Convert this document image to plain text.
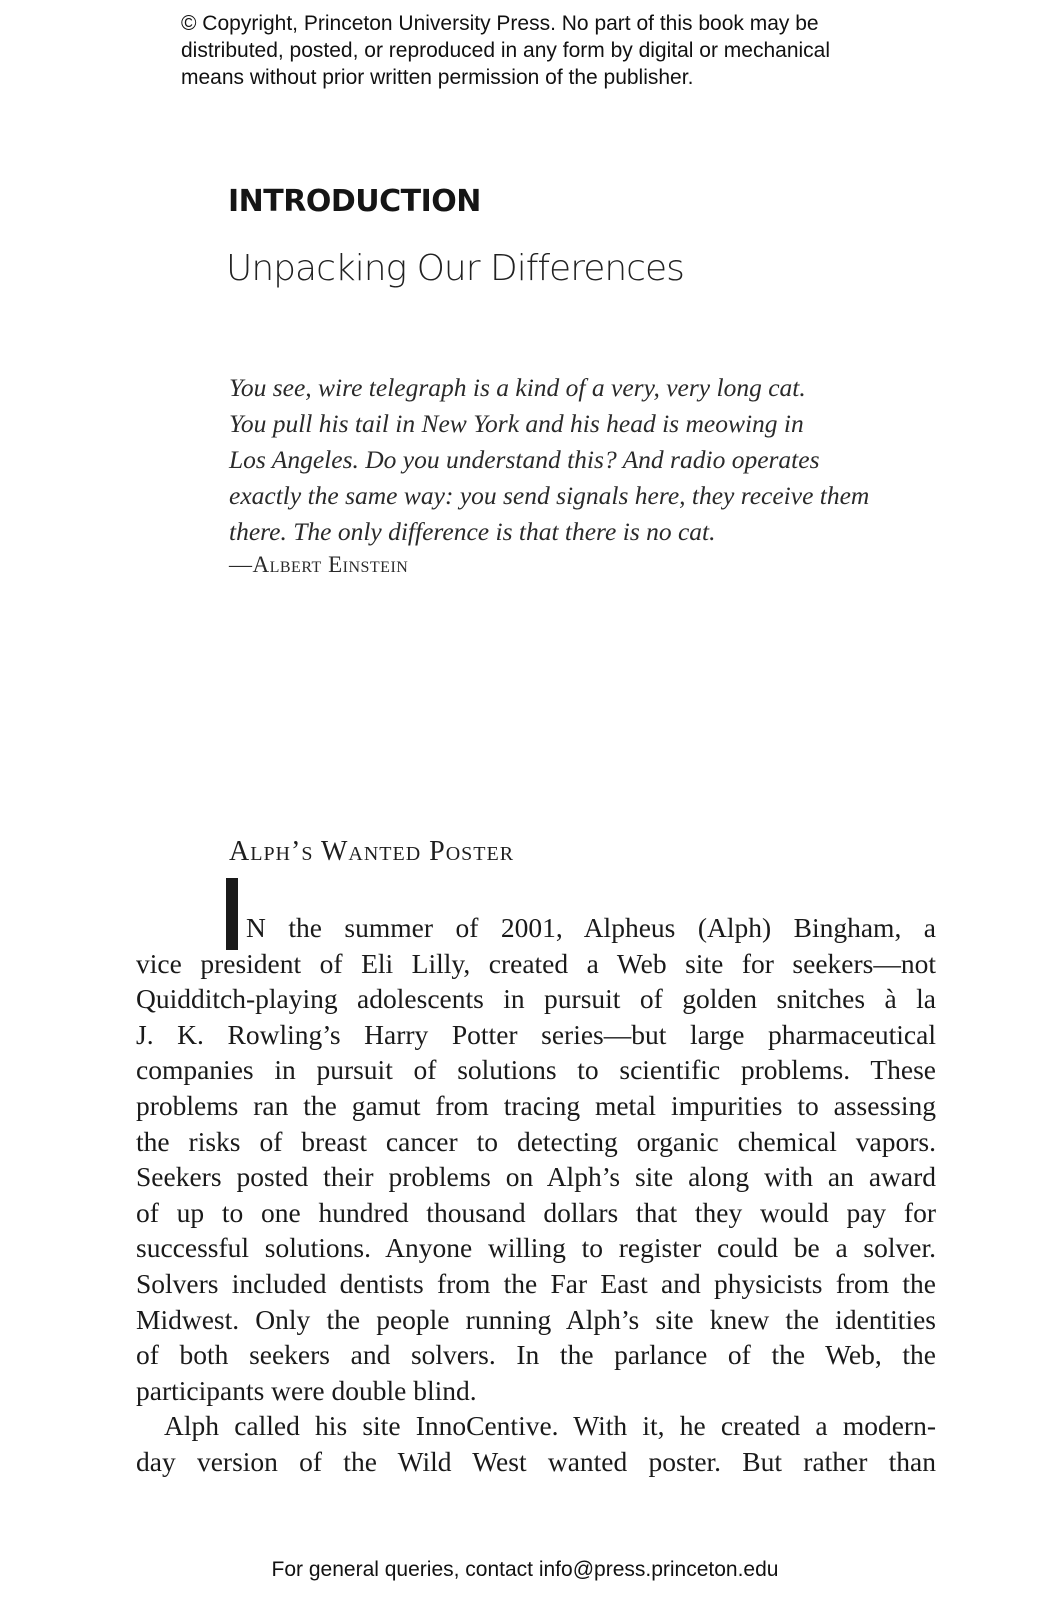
© Copyright, Princeton University Press. No part of this book may be
distributed, posted, or reproduced in any form by digital or mechanical
means without prior written permission of the publisher.
INTRODUCTION
Unpacking Our Differences
You see, wire telegraph is a kind of a very, very long cat.
You pull his tail in New York and his head is meowing in
Los Angeles. Do you understand this? And radio operates
exactly the same way: you send signals here, they receive them
there. The only difference is that there is no cat.
—Albert Einstein
Alph’s Wanted Poster
N the summer of 2001, Alpheus (Alph) Bingham, a
vice president of Eli Lilly, created a Web site for seekers—not
Quidditch-playing adolescents in pursuit of golden snitches à la
J. K. Rowling’s Harry Potter series—but large pharmaceutical
companies in pursuit of solutions to scientific problems. These
problems ran the gamut from tracing metal impurities to assessing
the risks of breast cancer to detecting organic chemical vapors.
Seekers posted their problems on Alph’s site along with an award
of up to one hundred thousand dollars that they would pay for
successful solutions. Anyone willing to register could be a solver.
Solvers included dentists from the Far East and physicists from the
Midwest. Only the people running Alph’s site knew the identities
of both seekers and solvers. In the parlance of the Web, the
participants were double blind.
Alph called his site InnoCentive. With it, he created a modern-
day version of the Wild West wanted poster. But rather than
For general queries, contact info@press.princeton.edu
